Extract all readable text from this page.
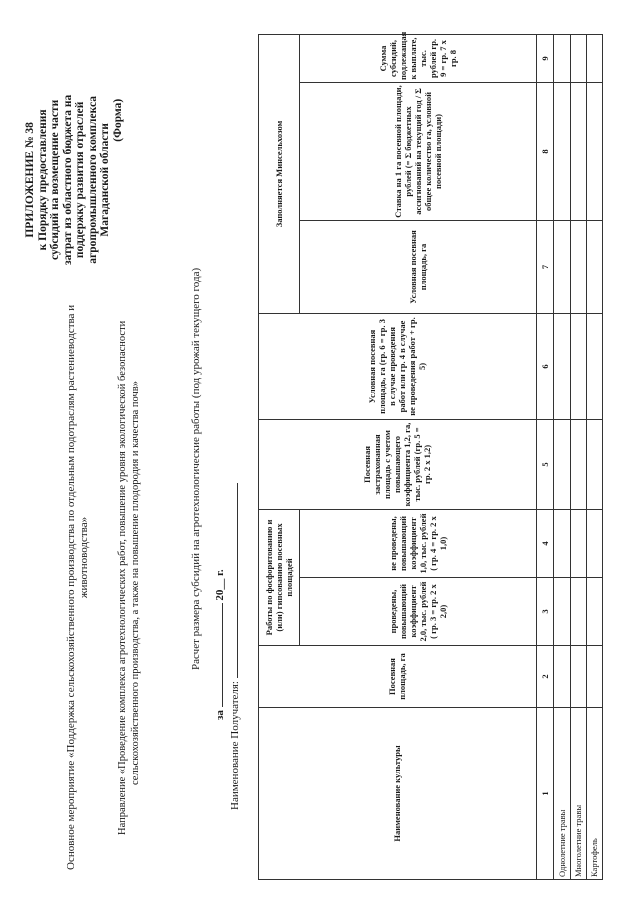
ПРИЛОЖЕНИЕ № 38 к Порядку предоставления субсидий на возмещение части затрат из областного бюджета на поддержку развития отраслей агропромышленного комплекса Магаданской области
(Форма)
Основное мероприятие «Поддержка сельскохозяйственного производства по отдельным подотраслям растениеводства и животноводства»	Направление «Проведение комплекса агротехнологических работ, повышение уровня экологической безопасности сельскохозяйственного производства, а также на повышение плодородия и качества почв»	Расчет размера субсидий на агротехнологические работы (под урожай текущего года)
за  20__ г.
Наименование Получателя:	Наименование культуры	Посевная площадь, га	Работы по фосфоритованию и (или) гипсованию посевных площадей		Посевная застрахованная площадь с учетом повышающего коэффициента 1,2, га, тыс. рублей (гр. 5 = гр. 2 х 1,2)	Условная посевная площадь, га (гр. 6 = гр. 3 в случае проведения работ или гр. 4 в случае не проведения работ + гр. 5)	Заполняется Минсельхозом		
		проведены, повышающий коэффициент 2,0, тыс. рублей ( гр. 3 = гр. 2 х 2,0)	не проведены, повышающий коэффициент 1,0, тыс. рублей ( гр. 4 = гр. 2 х 1,0)			Условная посевная площадь, га	Ставка на 1 га посевной площади, рублей (= Σ бюджетных ассигнований на текущий год / Σ общее количество га, условной посевной площади)	Сумма субсидий, подлежащая к выплате, тыс. рублей гр. 9 = гр. 7 х гр. 8
1	2	3	4	5	6	7	8	9
Однолетние травы								
Многолетние травы								
Картофель								
